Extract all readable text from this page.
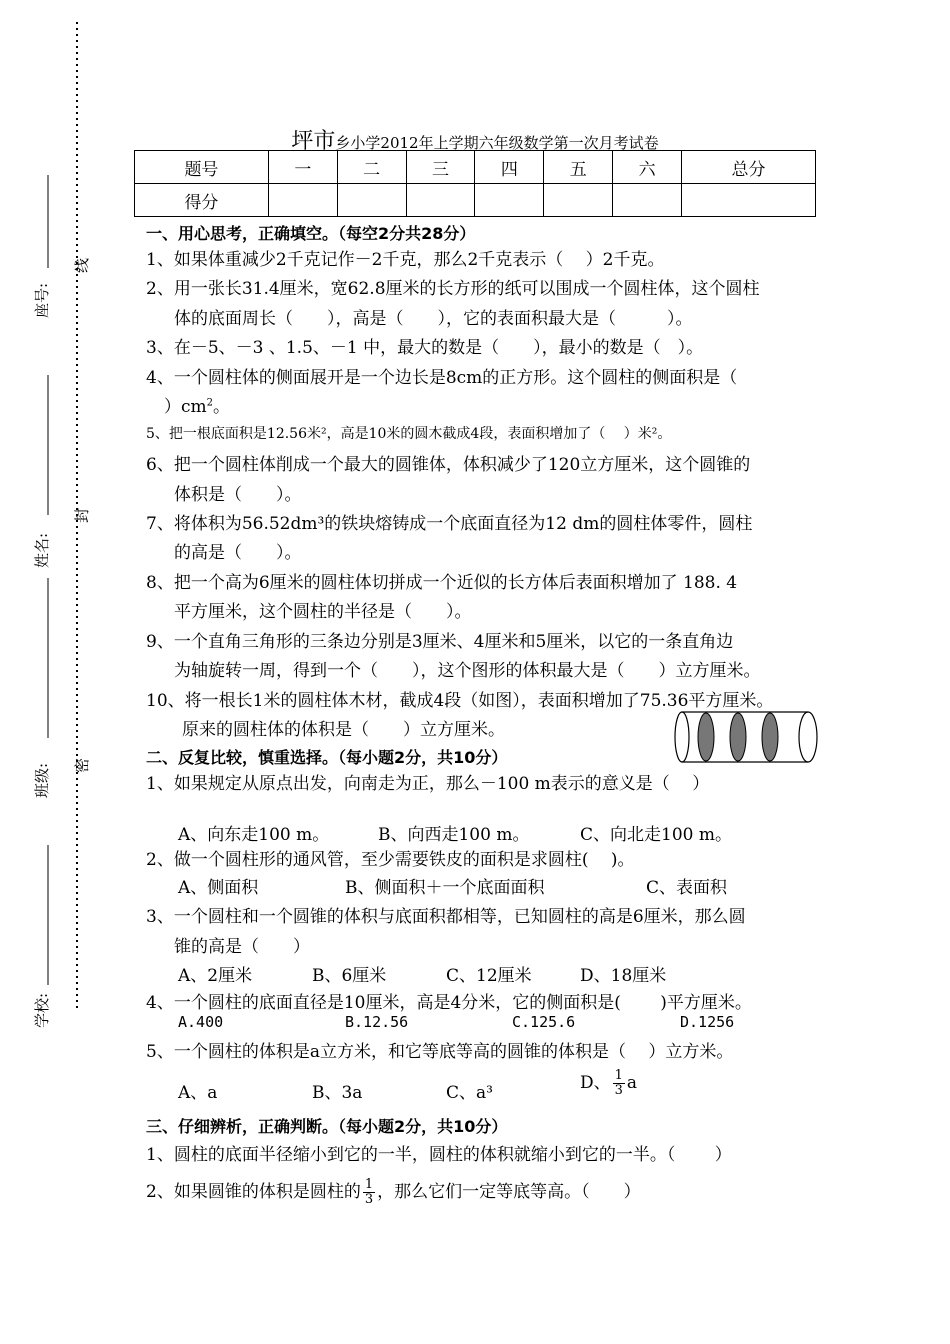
座号:
姓名:
班级:
学校:
线
封
密
坪市乡小学2012年上学期六年级数学第一次月考试卷
题号	一	二	三	四	五	六	总分
得分							
一、用心思考，正确填空。（每空2分共28分）
1、如果体重减少2千克记作－2千克，那么2千克表示（　 ）2千克。
2、用一张长31.4厘米，宽62.8厘米的长方形的纸可以围成一个圆柱体，这个圆柱
体的底面周长（　　），高是（　　），它的表面积最大是（　　　）。
3、在－5、－3 、1.5、－1 中，最大的数是（　　），最小的数是（　）。
4、一个圆柱体的侧面展开是一个边长是8cm的正方形。这个圆柱的侧面积是（
）$cm^2$。
5、把一根底面积是12.56米²，高是10米的圆木截成4段，表面积增加了（　 ）米²。
6、把一个圆柱体削成一个最大的圆锥体，体积减少了120立方厘米，这个圆锥的
体积是（　　）。
7、将体积为56.52dm³的铁块熔铸成一个底面直径为12 dm的圆柱体零件，圆柱
的高是（　　）。
8、把一个高为6厘米的圆柱体切拼成一个近似的长方体后表面积增加了 188. 4
平方厘米，这个圆柱的半径是（　　）。
9、一个直角三角形的三条边分别是3厘米、4厘米和5厘米，以它的一条直角边
为轴旋转一周，得到一个（　　），这个图形的体积最大是（　　）立方厘米。
10、将一根长1米的圆柱体木材，截成4段（如图），表面积增加了75.36平方厘米。
原来的圆柱体的体积是（　　）立方厘米。
二、反复比较，慎重选择。（每小题2分，共10分）
1、如果规定从原点出发，向南走为正，那么－100 m表示的意义是（　 ）
A、向东走100 m。	B、向西走100 m。	C、向北走100 m。
2、做一个圆柱形的通风管，至少需要铁皮的面积是求圆柱(　 )。
A、侧面积	B、侧面积＋一个底面面积	C、表面积
3、一个圆柱和一个圆锥的体积与底面积都相等，已知圆柱的高是6厘米，那么圆
锥的高是（　　）
A、2厘米	B、6厘米	C、12厘米	D、18厘米
4、一个圆柱的底面直径是10厘米，高是4分米，它的侧面积是(　　 )平方厘米。
A.400	B.12.56	C.125.6	D.1256
5、一个圆柱的体积是a立方米，和它等底等高的圆锥的体积是（　 ）立方米。
A、a	B、3a	C、a³	D、 $\frac{1}{3}$ a
三、仔细辨析，正确判断。（每小题2分，共10分）
1、圆柱的底面半径缩小到它的一半，圆柱的体积就缩小到它的一半。（　　 ）
2、如果圆锥的体积是圆柱的 $\frac{1}{3}$ ，那么它们一定等底等高。（　　）
